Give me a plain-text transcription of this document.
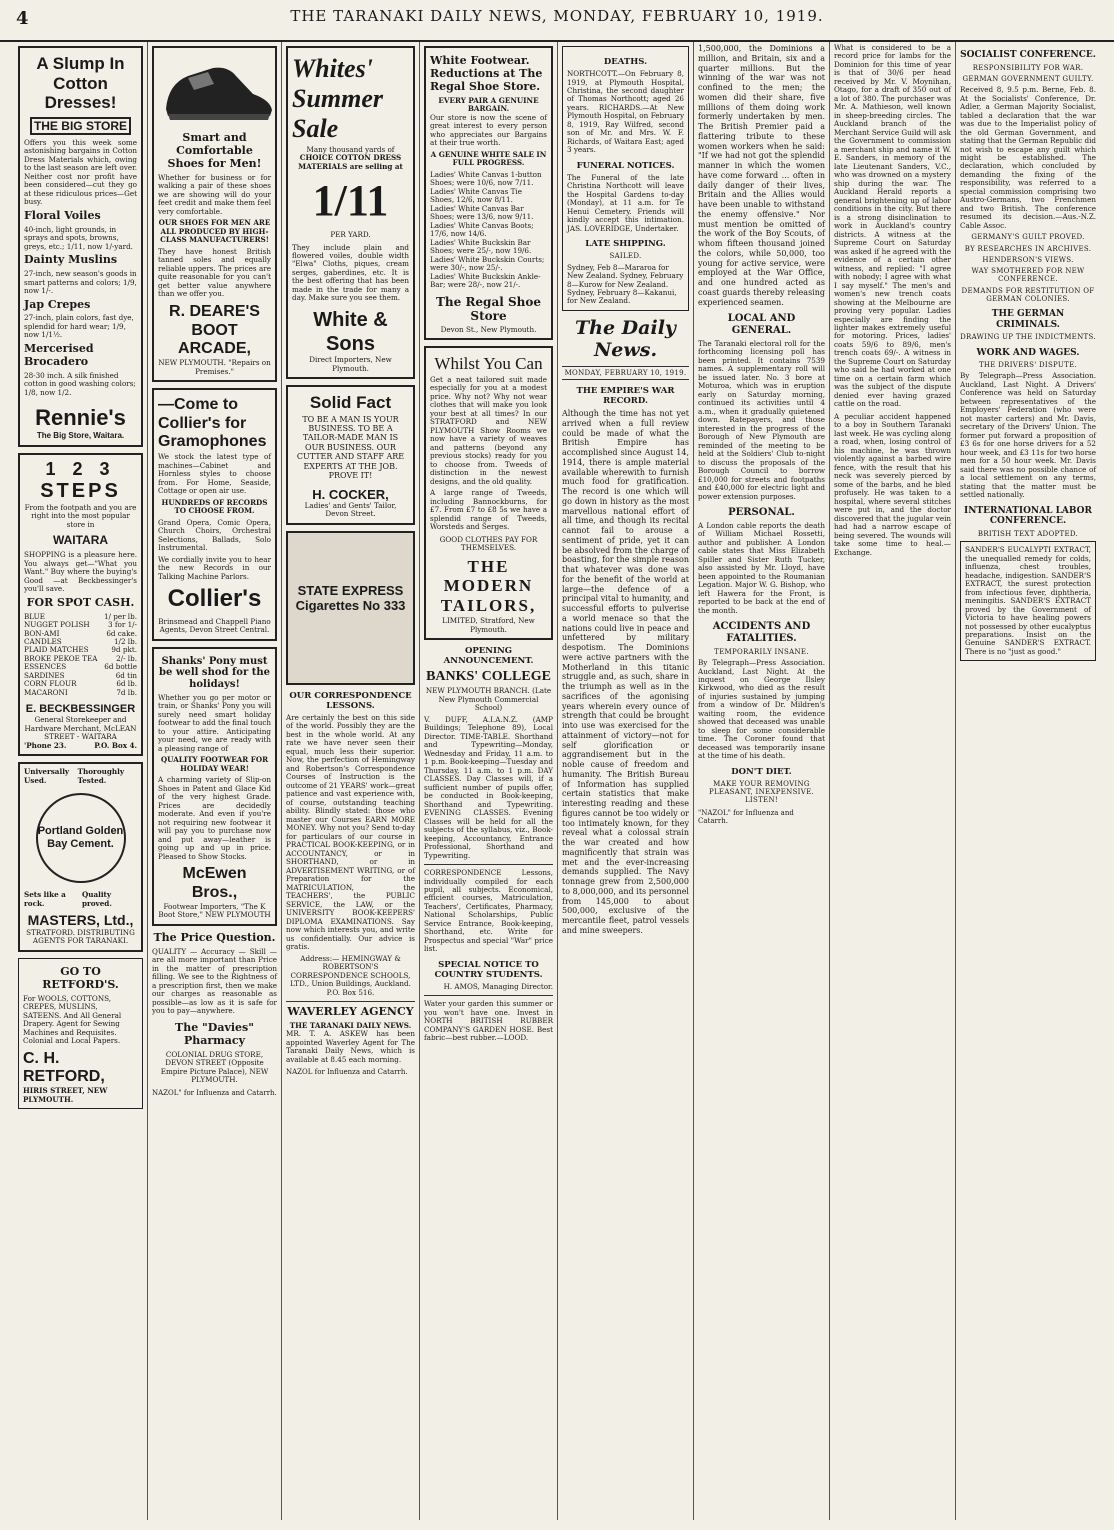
4	THE TARANAKI DAILY NEWS, MONDAY, FEBRUARY 10, 1919.
A Slump In Cotton Dresses!
THE BIG STORE
Offers you this week some astonishing bargains in Cotton Dress Materials which, owing to the last season are left over. Neither cost nor profit have been considered—cut they go at these ridiculous prices—Get busy.
Floral Voiles
40-inch, light grounds, in sprays and spots, browns, greys, etc.; 1/11, now 1/-yard.
Dainty Muslins
27-inch, new season's goods in smart patterns and colors; 1/9, now 1/-.
Jap Crepes
27-inch, plain colors, fast dye, splendid for hard wear; 1/9, now 1/1½.
Mercerised Brocadero
28-30 inch. A silk finished cotton in good washing colors; 1/8, now 1/2.
Rennie's
The Big Store, Waitara.
1 2 3
STEPS
From the footpath and you are right into the most popular store in
WAITARA
SHOPPING is a pleasure here. You always get—"What you Want." Buy where the buying's Good —at Beckbessinger's you'll save.
FOR SPOT CASH.
BLUE	1/ per lb.
NUGGET POLISH	3 for 1/-
BON-AMI	6d cake.
CANDLES	1/2 lb.
PLAID MATCHES	9d pkt.
BROKE PEKOE TEA	2/- lb.
ESSENCES	6d bottle
SARDINES	6d tin
CORN FLOUR	6d lb.
MACARONI	7d lb.
E. BECKBESSINGER
General Storekeeper and Hardware Merchant, McLEAN STREET - WAITARA
'Phone 23.	P.O. Box 4.
Universally Used.
Thoroughly Tested.
Portland Golden Bay Cement.
Sets like a rock.
Quality proved.
MASTERS, Ltd.,
STRATFORD. DISTRIBUTING AGENTS FOR TARANAKI.
GO TO RETFORD'S.
For WOOLS, COTTONS, CREPES, MUSLINS, SATEENS. And All General Drapery. Agent for Sewing Machines and Requisites. Colonial and Local Papers.
C. H. RETFORD,
HIRIS STREET, NEW PLYMOUTH.
Smart and Comfortable Shoes for Men!
Whether for business or for walking a pair of these shoes we are showing will do your feet credit and make them feel very comfortable.
OUR SHOES FOR MEN ARE ALL PRODUCED BY HIGH-CLASS MANUFACTURERS!
They have honest British tanned soles and equally reliable uppers. The prices are quite reasonable for you can't get better value anywhere than we offer you.
R. DEARE'S BOOT ARCADE,
NEW PLYMOUTH. "Repairs on Premises."
—Come to Collier's for Gramophones
We stock the latest type of machines—Cabinet and Hornless styles to choose from. For Home, Seaside, Cottage or open air use.
HUNDREDS OF RECORDS TO CHOOSE FROM.
Grand Opera, Comic Opera, Church Choirs, Orchestral Selections, Ballads, Solo Instrumental.
We cordially invite you to hear the new Records in our Talking Machine Parlors.
Collier's
Brinsmead and Chappell Piano Agents, Devon Street Central.
Shanks' Pony must be well shod for the holidays!
Whether you go per motor or train, or Shanks' Pony you will surely need smart holiday footwear to add the final touch to your attire. Anticipating your need, we are ready with a pleasing range of
QUALITY FOOTWEAR FOR HOLIDAY WEAR!
A charming variety of Slip-on Shoes in Patent and Glace Kid of the very highest Grade. Prices are decidedly moderate. And even if you're not requiring new footwear it will pay you to purchase now and put away—leather is going up and up in price. Pleased to Show Stocks.
McEwen Bros.,
Footwear Importers, "The K Boot Store," NEW PLYMOUTH
The Price Question.
QUALITY — Accuracy — Skill — are all more important than Price in the matter of prescription filling. We see to the Rightness of a prescription first, then we make our charges as reasonable as possible—as low as it is safe for you to pay—anywhere.
The "Davies" Pharmacy
COLONIAL DRUG STORE, DEVON STREET (Opposite Empire Picture Palace), NEW PLYMOUTH.
NAZOL" for Influenza and Catarrh.
Whites' Summer Sale
Many thousand yards of
CHOICE COTTON DRESS MATERIALS are selling at
1/11
PER YARD.
They include plain and flowered voiles, double width "Elwa" Cloths, piques, cream serges, gaberdines, etc. It is the best offering that has been made in the trade for many a day. Make sure you see them.
White & Sons
Direct Importers, New Plymouth.
Solid Fact
TO BE A MAN IS YOUR BUSINESS. TO BE A TAILOR-MADE MAN IS OUR BUSINESS. OUR CUTTER AND STAFF ARE EXPERTS AT THE JOB. PROVE IT!
H. COCKER,
Ladies' and Gents' Tailor, Devon Street.
STATE EXPRESS Cigarettes No 333
OUR CORRESPONDENCE LESSONS.
Are certainly the best on this side of the world. Possibly they are the best in the whole world. At any rate we have never seen their equal, much less their superior. Now, the perfection of Hemingway and Robertson's Correspondence Courses of Instruction is the outcome of 21 YEARS' work—great patience and vast experience with, of course, outstanding teaching ability. Blindly stated: those who master our Courses EARN MORE MONEY. Why not you? Send to-day for particulars of our course in PRACTICAL BOOK-KEEPING, or in ACCOUNTANCY, or in SHORTHAND, or in ADVERTISEMENT WRITING, or of Preparation for the MATRICULATION, the TEACHERS', the PUBLIC SERVICE, the LAW, or the UNIVERSITY BOOK-KEEPERS' DIPLOMA EXAMINATIONS. Say now which interests you, and write us confidentially. Our advice is gratis.
Address:— HEMINGWAY & ROBERTSON'S CORRESPONDENCE SCHOOLS, LTD., Union Buildings, Auckland. P.O. Box 516.
WAVERLEY AGENCY
THE TARANAKI DAILY NEWS.
MR. T. A. ASKEW has been appointed Waverley Agent for The Taranaki Daily News, which is available at 8.45 each morning.
NAZOL for Influenza and Catarrh.
White Footwear. Reductions at The Regal Shoe Store.
EVERY PAIR A GENUINE BARGAIN.
Our store is now the scene of great interest to every person who appreciates our Bargains at their true worth.
A GENUINE WHITE SALE IN FULL PROGRESS.
Ladies' White Canvas 1-button Shoes; were 10/6, now 7/11.
Ladies' White Canvas Tie Shoes, 12/6, now 8/11.
Ladies' White Canvas Bar Shoes; were 13/6, now 9/11.
Ladies' White Canvas Boots; 17/6, now 14/6.
Ladies' White Buckskin Bar Shoes; were 25/-, now 19/6.
Ladies' White Buckskin Courts; were 30/-, now 25/-.
Ladies' White Buckskin Ankle-Bar; were 28/-, now 21/-.
The Regal Shoe Store
Devon St., New Plymouth.
Whilst You Can
Get a neat tailored suit made especially for you at a modest price. Why not? Why not wear clothes that will make you look your best at all times? In our STRATFORD and NEW PLYMOUTH Show Rooms we now have a variety of weaves and patterns (beyond any previous stocks) ready for you to choose from. Tweeds of distinction in the newest designs, and the old quality.
A large range of Tweeds, including Bannockburns, for £7. From £7 to £8 5s we have a splendid range of Tweeds, Worsteds and Serges.
GOOD CLOTHES PAY FOR THEMSELVES.
THE MODERN TAILORS,
LIMITED, Stratford, New Plymouth.
OPENING ANNOUNCEMENT.
BANKS' COLLEGE
NEW PLYMOUTH BRANCH. (Late New Plymouth Commercial School)
V. DUFF, A.I.A.N.Z. (AMP Buildings; Telephone 89), Local Director. TIME-TABLE. Shorthand and Typewriting—Monday, Wednesday and Friday, 11 a.m. to 1 p.m. Book-keeping—Tuesday and Thursday, 11 a.m. to 1 p.m. DAY CLASSES. Day Classes will, if a sufficient number of pupils offer, be conducted in Book-keeping, Shorthand and Typewriting. EVENING CLASSES. Evening Classes will be held for all the subjects of the syllabus, viz., Book-keeping, Accountancy, Entrance Professional, Shorthand and Typewriting.
CORRESPONDENCE Lessons, individually compiled for each pupil, all subjects. Economical, efficient courses, Matriculation, Teachers', Certificates, Pharmacy, National Scholarships, Public Service Entrance, Book-keeping, Shorthand, etc. Write for Prospectus and special "War" price list.
SPECIAL NOTICE TO COUNTRY STUDENTS.
H. AMOS, Managing Director.
Water your garden this summer or you won't have one. Invest in NORTH BRITISH RUBBER COMPANY'S GARDEN HOSE. Best fabric—best rubber.—LOOD.
DEATHS.
NORTHCOTT.—On February 8, 1919, at Plymouth Hospital, Christina, the second daughter of Thomas Northcott; aged 26 years. RICHARDS.—At New Plymouth Hospital, on February 8, 1919, Ray Wilfred, second son of Mr. and Mrs. W. F. Richards, of Waitara East; aged 3 years.
FUNERAL NOTICES.
The Funeral of the late Christina Northcott will leave the Hospital Gardens to-day (Monday), at 11 a.m. for Te Henui Cemetery. Friends will kindly accept this intimation. JAS. LOVERIDGE, Undertaker.
LATE SHIPPING.
SAILED.
Sydney, Feb 8—Mararoa for New Zealand. Sydney, February 8—Kurow for New Zealand. Sydney, February 8—Kakanui, for New Zealand.
The Daily News.
MONDAY, FEBRUARY 10, 1919.
THE EMPIRE'S WAR RECORD.
Although the time has not yet arrived when a full review could be made of what the British Empire has accomplished since August 14, 1914, there is ample material available wherewith to furnish much food for gratification. The record is one which will go down in history as the most marvellous national effort of all time, and though its recital cannot fail to arouse a sentiment of pride, yet it can be absolved from the charge of boasting, for the simple reason that whatever was done was for the benefit of the world at large—the defence of a principal vital to humanity, and successful efforts to pulverise a world menace so that the nations could live in peace and unfettered by military despotism. The Dominions were active partners with the Motherland in this titanic struggle and, as such, share in the triumph as well as in the sacrifices of the agonising years wherein every ounce of strength that could be brought into use was exercised for the attainment of victory—not for self glorification or aggrandisement but in the noble cause of freedom and humanity. The British Bureau of Information has supplied certain statistics that make interesting reading and these figures cannot be too widely or too intimately known, for they reveal what a colossal strain the war created and how magnificently that strain was met and the ever-increasing demands supplied. The Navy tonnage grew from 2,500,000 to 8,000,000, and its personnel from 145,000 to about 500,000, exclusive of the mercantile fleet, patrol vessels and mine sweepers.
1,500,000, the Dominions a million, and Britain, six and a quarter millions. But the winning of the war was not confined to the men; the women did their share, five millions of them doing work formerly undertaken by men. The British Premier paid a flattering tribute to these women workers when he said: "If we had not got the splendid manner in which the women have come forward ... often in daily danger of their lives, Britain and the Allies would have been unable to withstand the enemy offensive." Nor must mention be omitted of the work of the Boy Scouts, of whom fifteen thousand joined the colors, while 50,000, too young for active service, were employed at the War Office, and one hundred acted as coast guards thereby releasing experienced seamen.
LOCAL AND GENERAL.
The Taranaki electoral roll for the forthcoming licensing poll has been printed. It contains 7539 names. A supplementary roll will be issued later. No. 3 bore at Moturoa, which was in eruption early on Saturday morning, continued its activities until 4 a.m., when it gradually quietened down. Ratepayers, and those interested in the progress of the Borough of New Plymouth are reminded of the meeting to be held at the Soldiers' Club to-night to discuss the proposals of the Borough Council to borrow £10,000 for streets and footpaths and £40,000 for electric light and power extension purposes.
PERSONAL.
A London cable reports the death of William Michael Rossetti, author and publisher. A London cable states that Miss Elizabeth Spiller and Sister Ruth Tucker, also assisted by Mr. Lloyd, have been appointed to the Roumanian Legation. Major W. G. Bishop, who left Hawera for the Front, is reported to be back at the end of the month.
ACCIDENTS AND FATALITIES.
TEMPORARILY INSANE.
By Telegraph—Press Association. Auckland, Last Night. At the inquest on George Ilsley Kirkwood, who died as the result of injuries sustained by jumping from a window of Dr. Mildren's waiting room, the evidence showed that deceased was unable to sleep for some considerable time. The Coroner found that deceased was temporarily insane at the time of his death.
DON'T DIET.
MAKE YOUR REMOVING PLEASANT, INEXPENSIVE. LISTEN!
"NAZOL" for Influenza and Catarrh.
What is considered to be a record price for lambs for the Dominion for this time of year is that of 30/6 per head received by Mr. V. Moynihan, Otago, for a draft of 350 out of a lot of 380. The purchaser was Mr. A. Mathieson, well known in sheep-breeding circles. The Auckland branch of the Merchant Service Guild will ask the Government to commission a merchant ship and name it W. E. Sanders, in memory of the late Lieutenant Sanders, V.C., who was drowned on a mystery ship during the war. The Auckland Herald reports a general brightening up of labor conditions in the city. But there is a strong disinclination to work in Auckland's country districts. A witness at the Supreme Court on Saturday was asked if he agreed with the evidence of a certain other witness, and replied: "I agree with nobody; I agree with what I say myself." The men's and women's new trench coats showing at the Melbourne are proving very popular. Ladies especially are finding the lighter makes extremely useful for motoring. Prices, ladies' coats 59/6 to 89/6, men's trench coats 69/-. A witness in the Supreme Court on Saturday who said he had worked at one time on a certain farm which was the subject of the dispute denied ever having grazed cattle on the road.
A peculiar accident happened to a boy in Southern Taranaki last week. He was cycling along a road, when, losing control of his machine, he was thrown violently against a barbed wire fence, with the result that his neck was severely pierced by some of the barbs, and he bled profusely. He was taken to a hospital, where several stitches were put in, and the doctor discovered that the jugular vein had had a narrow escape of being severed. The wounds will take some time to heal.—Exchange.
SOCIALIST CONFERENCE.
RESPONSIBILITY FOR WAR.
GERMAN GOVERNMENT GUILTY.
Received 8, 9.5 p.m. Berne, Feb. 8. At the Socialists' Conference, Dr. Adler, a German Majority Socialist, tabled a declaration that the war was due to the Imperialist policy of the old German Government, and stating that the German Republic did not wish to escape any guilt which might be established. The declaration, which concluded by demanding the fixing of the responsibility, was referred to a special commission comprising two Austro-Germans, two Frenchmen and two British. The conference resumed its decision.—Aus.-N.Z. Cable Assoc.
GERMANY'S GUILT PROVED.
BY RESEARCHES IN ARCHIVES.
HENDERSON'S VIEWS.
WAY SMOTHERED FOR NEW CONFERENCE.
DEMANDS FOR RESTITUTION OF GERMAN COLONIES.
THE GERMAN CRIMINALS.
DRAWING UP THE INDICTMENTS.
WORK AND WAGES.
THE DRIVERS' DISPUTE.
By Telegraph—Press Association. Auckland, Last Night. A Drivers' Conference was held on Saturday between representatives of the Employers' Federation (who were not master carters) and Mr. Davis, secretary of the Drivers' Union. The former put forward a proposition of £3 6s for one horse drivers for a 52 hour week, and £3 11s for two horse men for a 50 hour week. Mr. Davis said there was no possible chance of a local settlement on any terms, stating that the matter must be settled nationally.
INTERNATIONAL LABOR CONFERENCE.
BRITISH TEXT ADOPTED.
SANDER'S EUCALYPTI EXTRACT, the unequalled remedy for colds, influenza, chest troubles, headache, indigestion. SANDER'S EXTRACT, the surest protection from infectious fever, diphtheria, meningitis. SANDER'S EXTRACT proved by the Government of Victoria to have healing powers not possessed by other eucalyptus preparations. Insist on the Genuine SANDER'S EXTRACT. There is no "just as good."
